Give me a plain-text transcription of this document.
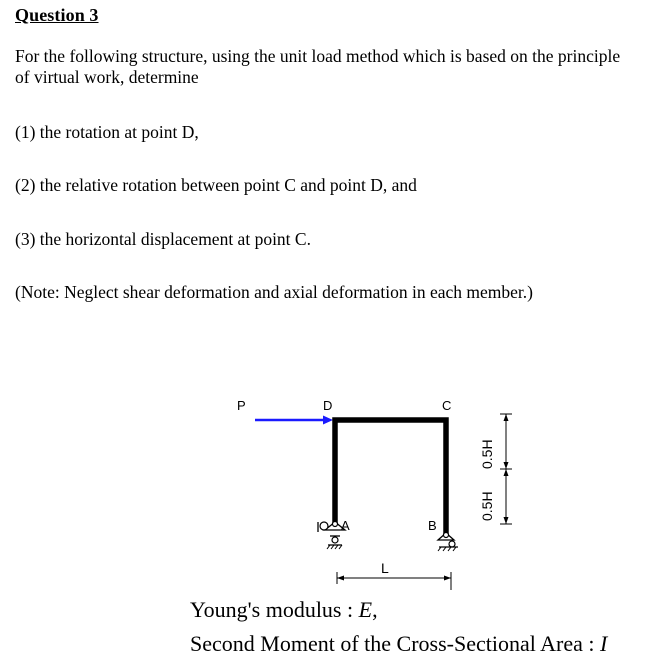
Question 3
For the following structure, using the unit load method which is based on the principle of virtual work, determine
(1) the rotation at point D,
(2) the relative rotation between point C and point D, and
(3) the horizontal displacement at point C.
(Note: Neglect shear deformation and axial deformation in each member.)
P	D	C
A	B
L
0.5H
0.5H
Young's modulus : E,
Second Moment of the Cross-Sectional Area : I
